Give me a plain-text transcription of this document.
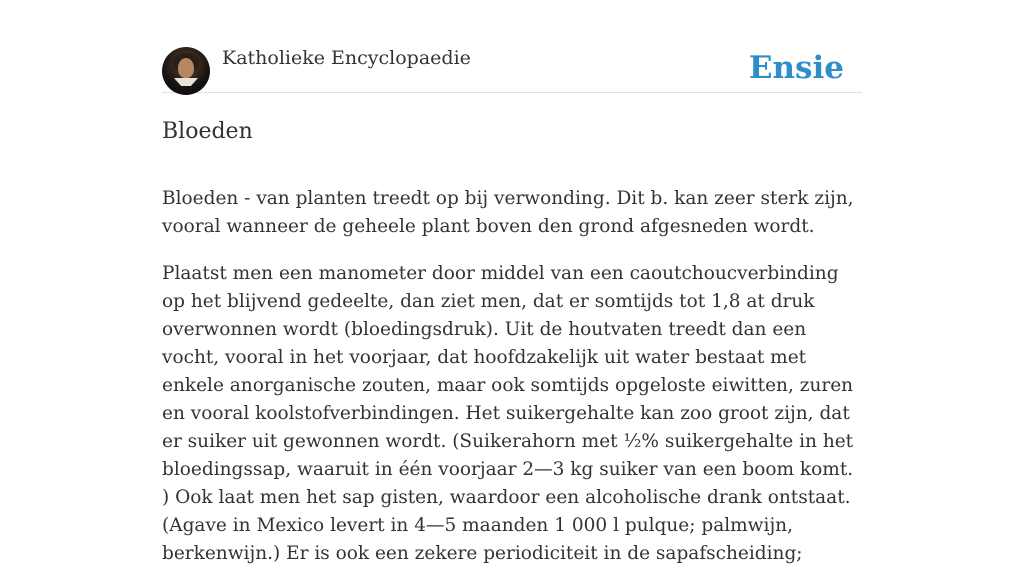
Katholieke Encyclopaedie	Ensie
Bloeden

Bloeden - van planten treedt op bij verwonding. Dit b. kan zeer sterk zijn, vooral wanneer de geheele plant boven den grond afgesneden wordt.

Plaatst men een manometer door middel van een caoutchoucverbinding op het blijvend gedeelte, dan ziet men, dat er somtijds tot 1,8 at druk overwonnen wordt (bloedingsdruk). Uit de houtvaten treedt dan een vocht, vooral in het voorjaar, dat hoofdzakelijk uit water bestaat met enkele anorganische zouten, maar ook somtijds opgeloste eiwitten, zuren en vooral koolstofverbindingen. Het suikergehalte kan zoo groot zijn, dat er suiker uit gewonnen wordt. (Suikerahorn met ½% suikergehalte in het bloedingssap, waaruit in één voorjaar 2—3 kg suiker van een boom komt. ) Ook laat men het sap gisten, waardoor een alcoholische drank ontstaat. (Agave in Mexico levert in 4—5 maanden 1 000 l pulque; palmwijn, berkenwijn.) Er is ook een zekere periodiciteit in de sapafscheiding;
